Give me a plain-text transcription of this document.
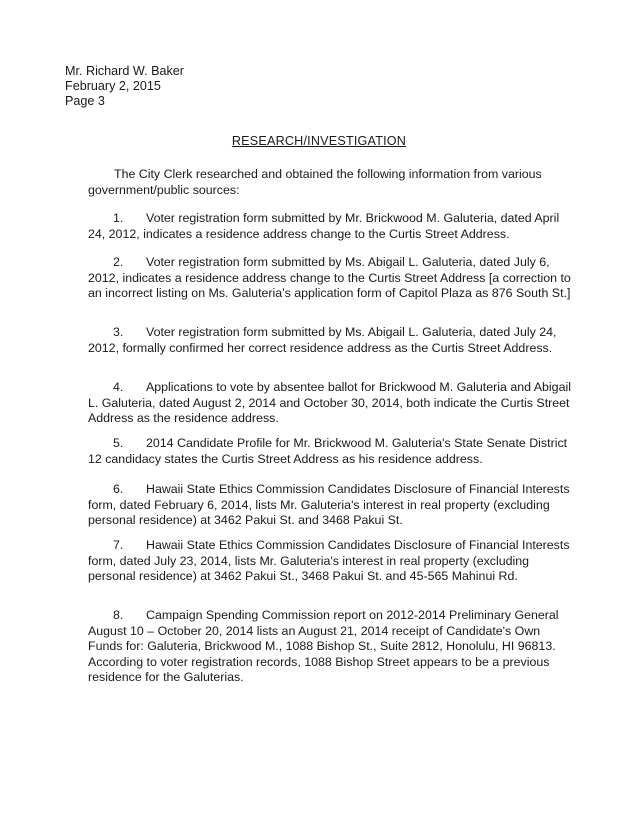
Mr. Richard W. Baker
February 2, 2015
Page 3
RESEARCH/INVESTIGATION
The City Clerk researched and obtained the following information from various government/public sources:
1. Voter registration form submitted by Mr. Brickwood M. Galuteria, dated April 24, 2012, indicates a residence address change to the Curtis Street Address.
2. Voter registration form submitted by Ms. Abigail L. Galuteria, dated July 6, 2012, indicates a residence address change to the Curtis Street Address [a correction to an incorrect listing on Ms. Galuteria's application form of Capitol Plaza as 876 South St.]
3. Voter registration form submitted by Ms. Abigail L. Galuteria, dated July 24, 2012, formally confirmed her correct residence address as the Curtis Street Address.
4. Applications to vote by absentee ballot for Brickwood M. Galuteria and Abigail L. Galuteria, dated August 2, 2014 and October 30, 2014, both indicate the Curtis Street Address as the residence address.
5. 2014 Candidate Profile for Mr. Brickwood M. Galuteria's State Senate District 12 candidacy states the Curtis Street Address as his residence address.
6. Hawaii State Ethics Commission Candidates Disclosure of Financial Interests form, dated February 6, 2014, lists Mr. Galuteria's interest in real property (excluding personal residence) at 3462 Pakui St. and 3468 Pakui St.
7. Hawaii State Ethics Commission Candidates Disclosure of Financial Interests form, dated July 23, 2014, lists Mr. Galuteria's interest in real property (excluding personal residence) at 3462 Pakui St., 3468 Pakui St. and 45-565 Mahinui Rd.
8. Campaign Spending Commission report on 2012-2014 Preliminary General August 10 – October 20, 2014 lists an August 21, 2014 receipt of Candidate's Own Funds for: Galuteria, Brickwood M., 1088 Bishop St., Suite 2812, Honolulu, HI 96813. According to voter registration records, 1088 Bishop Street appears to be a previous residence for the Galuterias.
